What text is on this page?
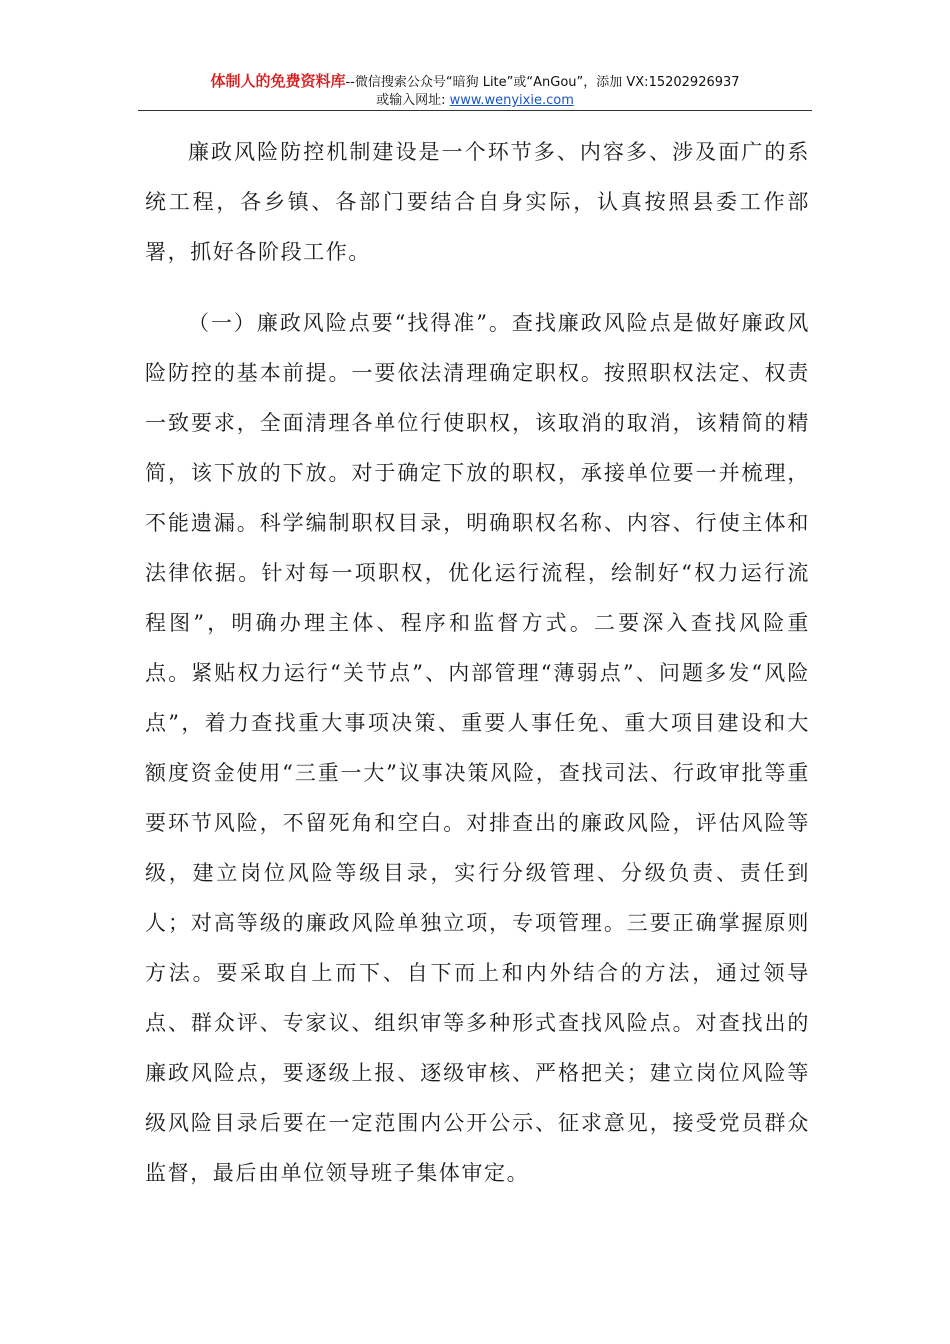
体制人的免费资料库--微信搜索公众号“暗狗 Lite”或“AnGou”，添加 VX:15202926937
或输入网址: www.wenyixie.com

廉政风险防控机制建设是一个环节多、内容多、涉及面广的系统工程，各乡镇、各部门要结合自身实际，认真按照县委工作部署，抓好各阶段工作。

（一）廉政风险点要“找得准”。查找廉政风险点是做好廉政风险防控的基本前提。一要依法清理确定职权。按照职权法定、权责一致要求，全面清理各单位行使职权，该取消的取消，该精简的精简，该下放的下放。对于确定下放的职权，承接单位要一并梳理，不能遗漏。科学编制职权目录，明确职权名称、内容、行使主体和法律依据。针对每一项职权，优化运行流程，绘制好“权力运行流程图”，明确办理主体、程序和监督方式。二要深入查找风险重点。紧贴权力运行“关节点”、内部管理“薄弱点”、问题多发“风险点”，着力查找重大事项决策、重要人事任免、重大项目建设和大额度资金使用“三重一大”议事决策风险，查找司法、行政审批等重要环节风险，不留死角和空白。对排查出的廉政风险，评估风险等级，建立岗位风险等级目录，实行分级管理、分级负责、责任到人；对高等级的廉政风险单独立项，专项管理。三要正确掌握原则方法。要采取自上而下、自下而上和内外结合的方法，通过领导点、群众评、专家议、组织审等多种形式查找风险点。对查找出的廉政风险点，要逐级上报、逐级审核、严格把关；建立岗位风险等级风险目录后要在一定范围内公开公示、征求意见，接受党员群众监督，最后由单位领导班子集体审定。
